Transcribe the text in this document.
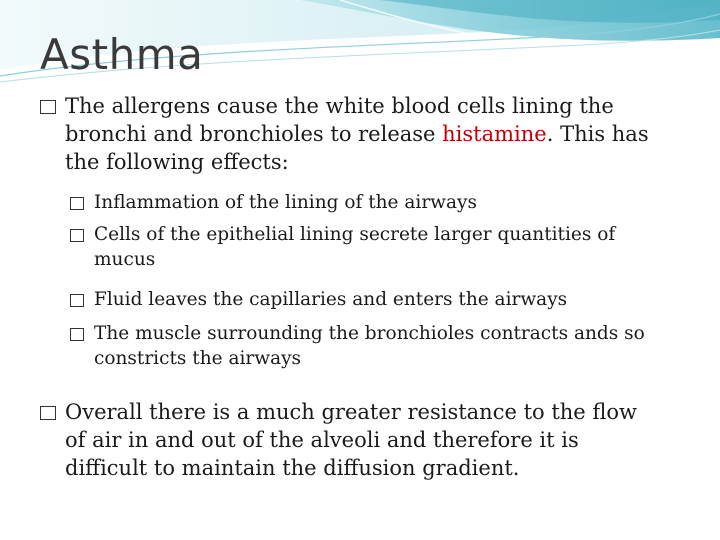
Asthma
The allergens cause the white blood cells lining the bronchi and bronchioles to release histamine. This has the following effects:
Inflammation of the lining of the airways
Cells of the epithelial lining secrete larger quantities of mucus
Fluid leaves the capillaries and enters the airways
The muscle surrounding the bronchioles contracts ands so constricts the airways
Overall there is a much greater resistance to the flow of air in and out of the alveoli and therefore it is difficult to maintain the diffusion gradient.
